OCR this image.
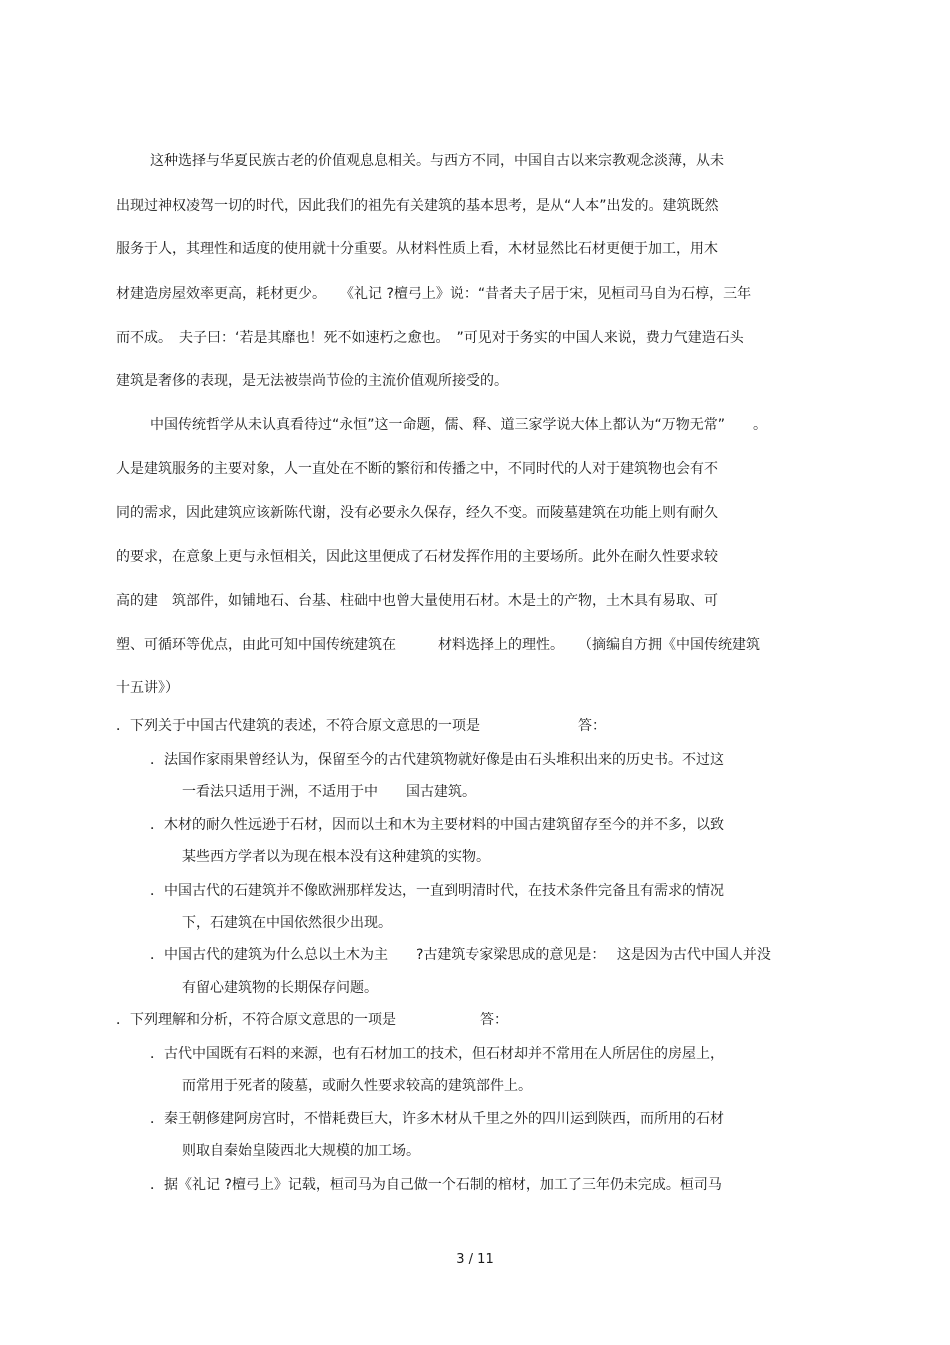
这种选择与华夏民族古老的价值观息息相关。与西方不同，中国自古以来宗教观念淡薄，从未
出现过神权凌驾一切的时代，因此我们的祖先有关建筑的基本思考，是从“人本”出发的。建筑既然
服务于人，其理性和适度的使用就十分重要。从材料性质上看，木材显然比石材更便于加工，用木
材建造房屋效率更高，耗材更少。　　《礼记 ?檀弓上》说：“昔者夫子居于宋，见桓司马自为石椁，三年
而不成。　夫子曰：‘若是其靡也！死不如速朽之愈也。　”可见对于务实的中国人来说，费力气建造石头
建筑是奢侈的表现，是无法被崇尚节俭的主流价值观所接受的。
中国传统哲学从未认真看待过“永恒”这一命题，儒、释、道三家学说大体上都认为“万物无常”　　。
人是建筑服务的主要对象，人一直处在不断的繁衍和传播之中，不同时代的人对于建筑物也会有不
同的需求，因此建筑应该新陈代谢，没有必要永久保存，经久不变。而陵墓建筑在功能上则有耐久
的要求，在意象上更与永恒相关，因此这里便成了石材发挥作用的主要场所。此外在耐久性要求较
高的建　筑部件，如铺地石、台基、柱础中也曾大量使用石材。木是土的产物，土木具有易取、可
塑、可循环等优点，由此可知中国传统建筑在　　　材料选择上的理性。　　（摘编自方拥《中国传统建筑
十五讲》）
．下列关于中国古代建筑的表述，不符合原文意思的一项是　　　　　　　答：
．法国作家雨果曾经认为，保留至今的古代建筑物就好像是由石头堆积出来的历史书。不过这
一看法只适用于洲，不适用于中　　国古建筑。
．木材的耐久性远逊于石材，因而以土和木为主要材料的中国古建筑留存至今的并不多，以致
某些西方学者以为现在根本没有这种建筑的实物。
．中国古代的石建筑并不像欧洲那样发达，一直到明清时代，在技术条件完备且有需求的情况
下，石建筑在中国依然很少出现。
．中国古代的建筑为什么总以土木为主　　?古建筑专家梁思成的意见是：　 这是因为古代中国人并没
有留心建筑物的长期保存问题。
．下列理解和分析，不符合原文意思的一项是　　　　　　答：
．古代中国既有石料的来源，也有石材加工的技术，但石材却并不常用在人所居住的房屋上，
而常用于死者的陵墓，或耐久性要求较高的建筑部件上。
．秦王朝修建阿房宫时，不惜耗费巨大，许多木材从千里之外的四川运到陕西，而所用的石材
则取自秦始皇陵西北大规模的加工场。
．据《礼记 ?檀弓上》记载，桓司马为自己做一个石制的棺材，加工了三年仍未完成。桓司马
3 / 11
